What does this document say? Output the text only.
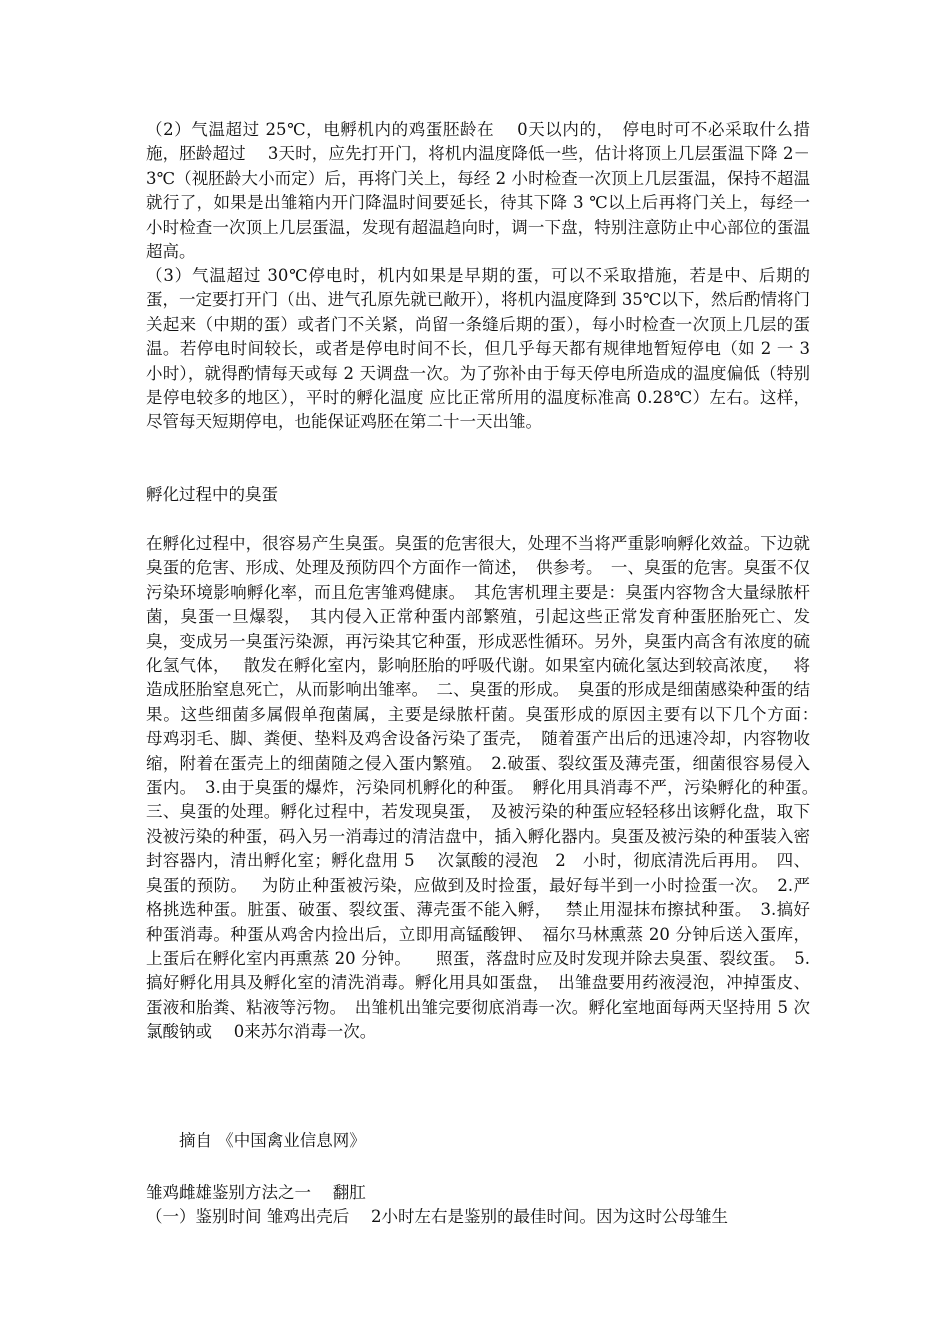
（2）气温超过 25℃，电孵机内的鸡蛋胚龄在　 0天以内的，　停电时可不必采取什么措施，胚龄超过　 3天时，应先打开门，将机内温度降低一些，估计将顶上几层蛋温下降 2－3℃（视胚龄大小而定）后，再将门关上，每经 2 小时检查一次顶上几层蛋温，保持不超温就行了，如果是出雏箱内开门降温时间要延长，待其下降 3 ℃以上后再将门关上，每经一小时检查一次顶上几层蛋温，发现有超温趋向时，调一下盘，特别注意防止中心部位的蛋温超高。

（3）气温超过 30℃停电时，机内如果是早期的蛋，可以不采取措施，若是中、后期的蛋，一定要打开门（出、进气孔原先就已敞开），将机内温度降到 35℃以下，然后酌情将门关起来（中期的蛋）或者门不关紧，尚留一条缝后期的蛋），每小时检查一次顶上几层的蛋温。若停电时间较长，或者是停电时间不长，但几乎每天都有规律地暂短停电（如 2 一 3 小时），就得酌情每天或每 2 天调盘一次。为了弥补由于每天停电所造成的温度偏低（特别是停电较多的地区），平时的孵化温度 应比正常所用的温度标准高 0.28℃）左右。这样，尽管每天短期停电，也能保证鸡胚在第二十一天出雏。

孵化过程中的臭蛋

在孵化过程中，很容易产生臭蛋。臭蛋的危害很大，处理不当将严重影响孵化效益。下边就臭蛋的危害、形成、处理及预防四个方面作一简述，　供参考。　一、臭蛋的危害。臭蛋不仅污染环境影响孵化率，而且危害雏鸡健康。　其危害机理主要是：臭蛋内容物含大量绿脓杆菌，臭蛋一旦爆裂，　其内侵入正常种蛋内部繁殖，引起这些正常发育种蛋胚胎死亡、发臭，变成另一臭蛋污染源，再污染其它种蛋，形成恶性循环。另外，臭蛋内高含有浓度的硫化氢气体，　 散发在孵化室内，影响胚胎的呼吸代谢。如果室内硫化氢达到较高浓度，　 将造成胚胎窒息死亡，从而影响出雏率。　二、臭蛋的形成。　臭蛋的形成是细菌感染种蛋的结果。这些细菌多属假单孢菌属，主要是绿脓杆菌。臭蛋形成的原因主要有以下几个方面：　　母鸡羽毛、脚、粪便、垫料及鸡舍设备污染了蛋壳，　随着蛋产出后的迅速冷却，内容物收缩，附着在蛋壳上的细菌随之侵入蛋内繁殖。　2.破蛋、裂纹蛋及薄壳蛋，细菌很容易侵入蛋内。　3.由于臭蛋的爆炸，污染同机孵化的种蛋。　孵化用具消毒不严，污染孵化的种蛋。　三、臭蛋的处理。孵化过程中，若发现臭蛋，　及被污染的种蛋应轻轻移出该孵化盘，取下没被污染的种蛋，码入另一消毒过的清洁盘中，插入孵化器内。臭蛋及被污染的种蛋装入密封容器内，清出孵化室；孵化盘用 5　 次氯酸的浸泡　2　小时，彻底清洗后再用。　四、臭蛋的预防。　 为防止种蛋被污染，应做到及时捡蛋，最好每半到一小时捡蛋一次。　2.严格挑选种蛋。脏蛋、破蛋、裂纹蛋、薄壳蛋不能入孵，　 禁止用湿抹布擦拭种蛋。　3.搞好种蛋消毒。种蛋从鸡舍内捡出后，立即用高锰酸钾、　福尔马林熏蒸 20 分钟后送入蛋库，上蛋后在孵化室内再熏蒸 20 分钟。　　照蛋，落盘时应及时发现并除去臭蛋、裂纹蛋。　5.搞好孵化用具及孵化室的清洗消毒。孵化用具如蛋盘，　出雏盘要用药液浸泡，冲掉蛋皮、蛋液和胎粪、粘液等污物。　出雏机出雏完要彻底消毒一次。孵化室地面每两天坚持用 5 次氯酸钠或　 0来苏尔消毒一次。

　　摘自 《中国禽业信息网》

雏鸡雌雄鉴别方法之一　 翻肛

（一）鉴别时间 雏鸡出壳后　 2小时左右是鉴别的最佳时间。因为这时公母雏生
